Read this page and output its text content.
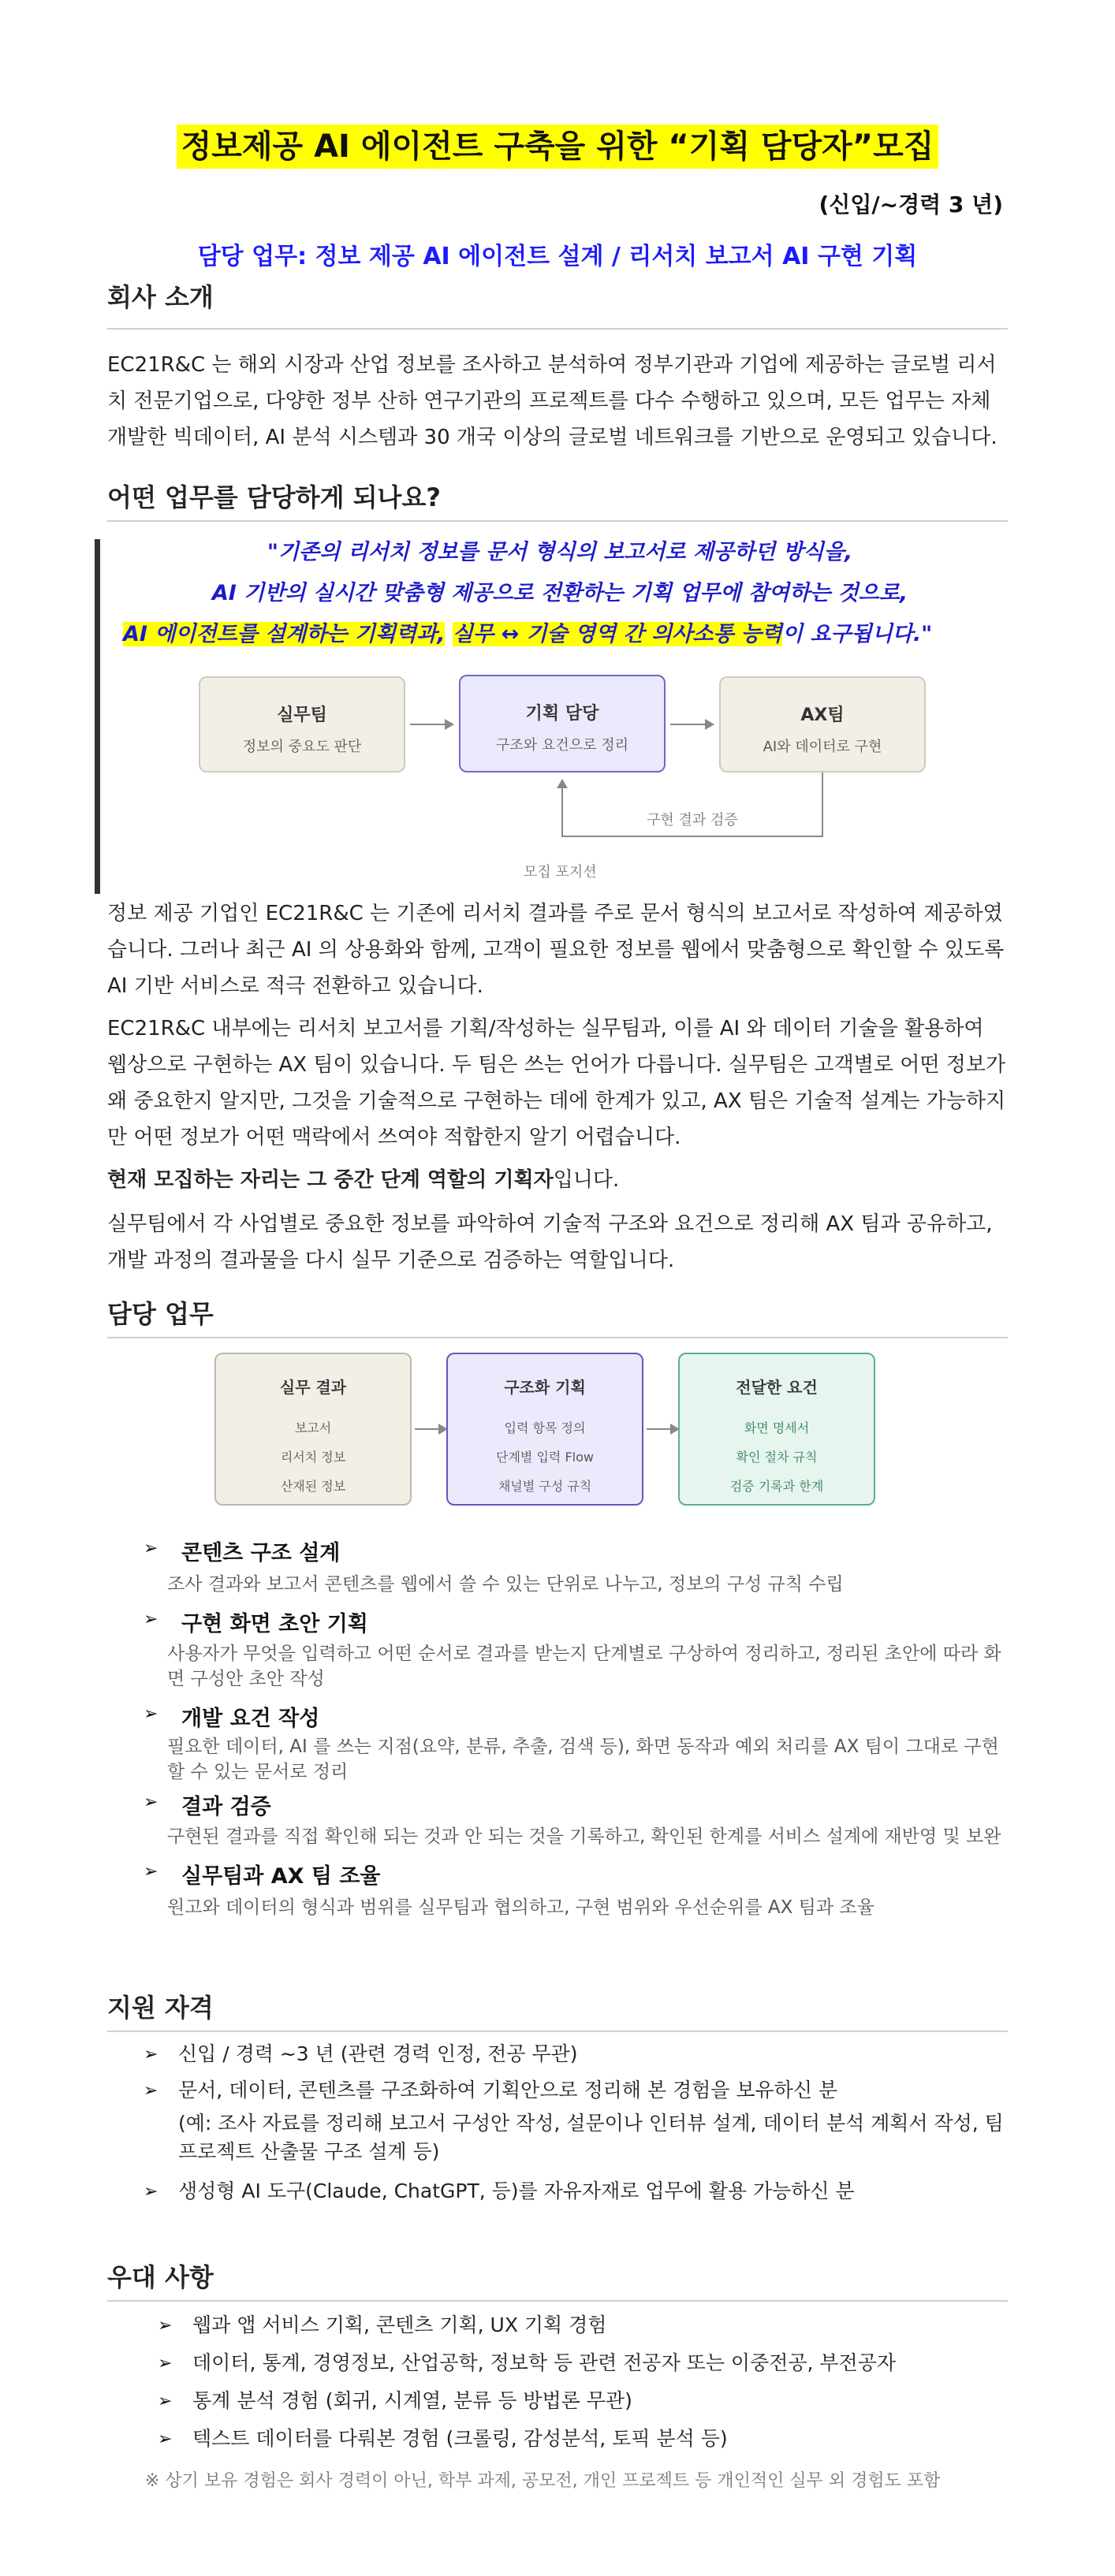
정보제공 AI 에이전트 구축을 위한 “기획 담당자”모집
(신입/~경력 3 년)
담당 업무: 정보 제공 AI 에이전트 설계 / 리서치 보고서 AI 구현 기획
회사 소개
EC21R&C 는 해외 시장과 산업 정보를 조사하고 분석하여 정부기관과 기업에 제공하는 글로벌 리서치 전문기업으로, 다양한 정부 산하 연구기관의 프로젝트를 다수 수행하고 있으며, 모든 업무는 자체 개발한 빅데이터, AI 분석 시스템과 30 개국 이상의 글로벌 네트워크를 기반으로 운영되고 있습니다.
어떤 업무를 담당하게 되나요?
"기존의 리서치 정보를 문서 형식의 보고서로 제공하던 방식을,
AI 기반의 실시간 맞춤형 제공으로 전환하는 기획 업무에 참여하는 것으로,
AI 에이전트를 설계하는 기획력과, 실무 ↔ 기술 영역 간 의사소통 능력이 요구됩니다."
실무팀
정보의 중요도 판단
기획 담당
구조와 요건으로 정리
AX팀
AI와 데이터로 구현
구현 결과 검증
모집 포지션
정보 제공 기업인 EC21R&C 는 기존에 리서치 결과를 주로 문서 형식의 보고서로 작성하여 제공하였습니다. 그러나 최근 AI 의 상용화와 함께, 고객이 필요한 정보를 웹에서 맞춤형으로 확인할 수 있도록 AI 기반 서비스로 적극 전환하고 있습니다.
EC21R&C 내부에는 리서치 보고서를 기획/작성하는 실무팀과, 이를 AI 와 데이터 기술을 활용하여 웹상으로 구현하는 AX 팀이 있습니다. 두 팀은 쓰는 언어가 다릅니다. 실무팀은 고객별로 어떤 정보가 왜 중요한지 알지만, 그것을 기술적으로 구현하는 데에 한계가 있고, AX 팀은 기술적 설계는 가능하지만 어떤 정보가 어떤 맥락에서 쓰여야 적합한지 알기 어렵습니다.
현재 모집하는 자리는 그 중간 단계 역할의 기획자입니다.
실무팀에서 각 사업별로 중요한 정보를 파악하여 기술적 구조와 요건으로 정리해 AX 팀과 공유하고, 개발 과정의 결과물을 다시 실무 기준으로 검증하는 역할입니다.
담당 업무
실무 결과
보고서
리서치 정보
산재된 정보
구조화 기획
입력 항목 정의
단계별 입력 Flow
채널별 구성 규칙
전달한 요건
화면 명세서
확인 절차 규칙
검증 기록과 한계
➢ 콘텐츠 구조 설계
조사 결과와 보고서 콘텐츠를 웹에서 쓸 수 있는 단위로 나누고, 정보의 구성 규칙 수립
➢ 구현 화면 초안 기획
사용자가 무엇을 입력하고 어떤 순서로 결과를 받는지 단계별로 구상하여 정리하고, 정리된 초안에 따라 화면 구성안 초안 작성
➢ 개발 요건 작성
필요한 데이터, AI 를 쓰는 지점(요약, 분류, 추출, 검색 등), 화면 동작과 예외 처리를 AX 팀이 그대로 구현할 수 있는 문서로 정리
➢ 결과 검증
구현된 결과를 직접 확인해 되는 것과 안 되는 것을 기록하고, 확인된 한계를 서비스 설계에 재반영 및 보완
➢ 실무팀과 AX 팀 조율
원고와 데이터의 형식과 범위를 실무팀과 협의하고, 구현 범위와 우선순위를 AX 팀과 조율
지원 자격
➢ 신입 / 경력 ~3 년 (관련 경력 인정, 전공 무관)
➢ 문서, 데이터, 콘텐츠를 구조화하여 기획안으로 정리해 본 경험을 보유하신 분
(예: 조사 자료를 정리해 보고서 구성안 작성, 설문이나 인터뷰 설계, 데이터 분석 계획서 작성, 팀 프로젝트 산출물 구조 설계 등)
➢ 생성형 AI 도구(Claude, ChatGPT, 등)를 자유자재로 업무에 활용 가능하신 분
우대 사항
➢ 웹과 앱 서비스 기획, 콘텐츠 기획, UX 기획 경험
➢ 데이터, 통계, 경영정보, 산업공학, 정보학 등 관련 전공자 또는 이중전공, 부전공자
➢ 통계 분석 경험 (회귀, 시계열, 분류 등 방법론 무관)
➢ 텍스트 데이터를 다뤄본 경험 (크롤링, 감성분석, 토픽 분석 등)
※ 상기 보유 경험은 회사 경력이 아닌, 학부 과제, 공모전, 개인 프로젝트 등 개인적인 실무 외 경험도 포함
